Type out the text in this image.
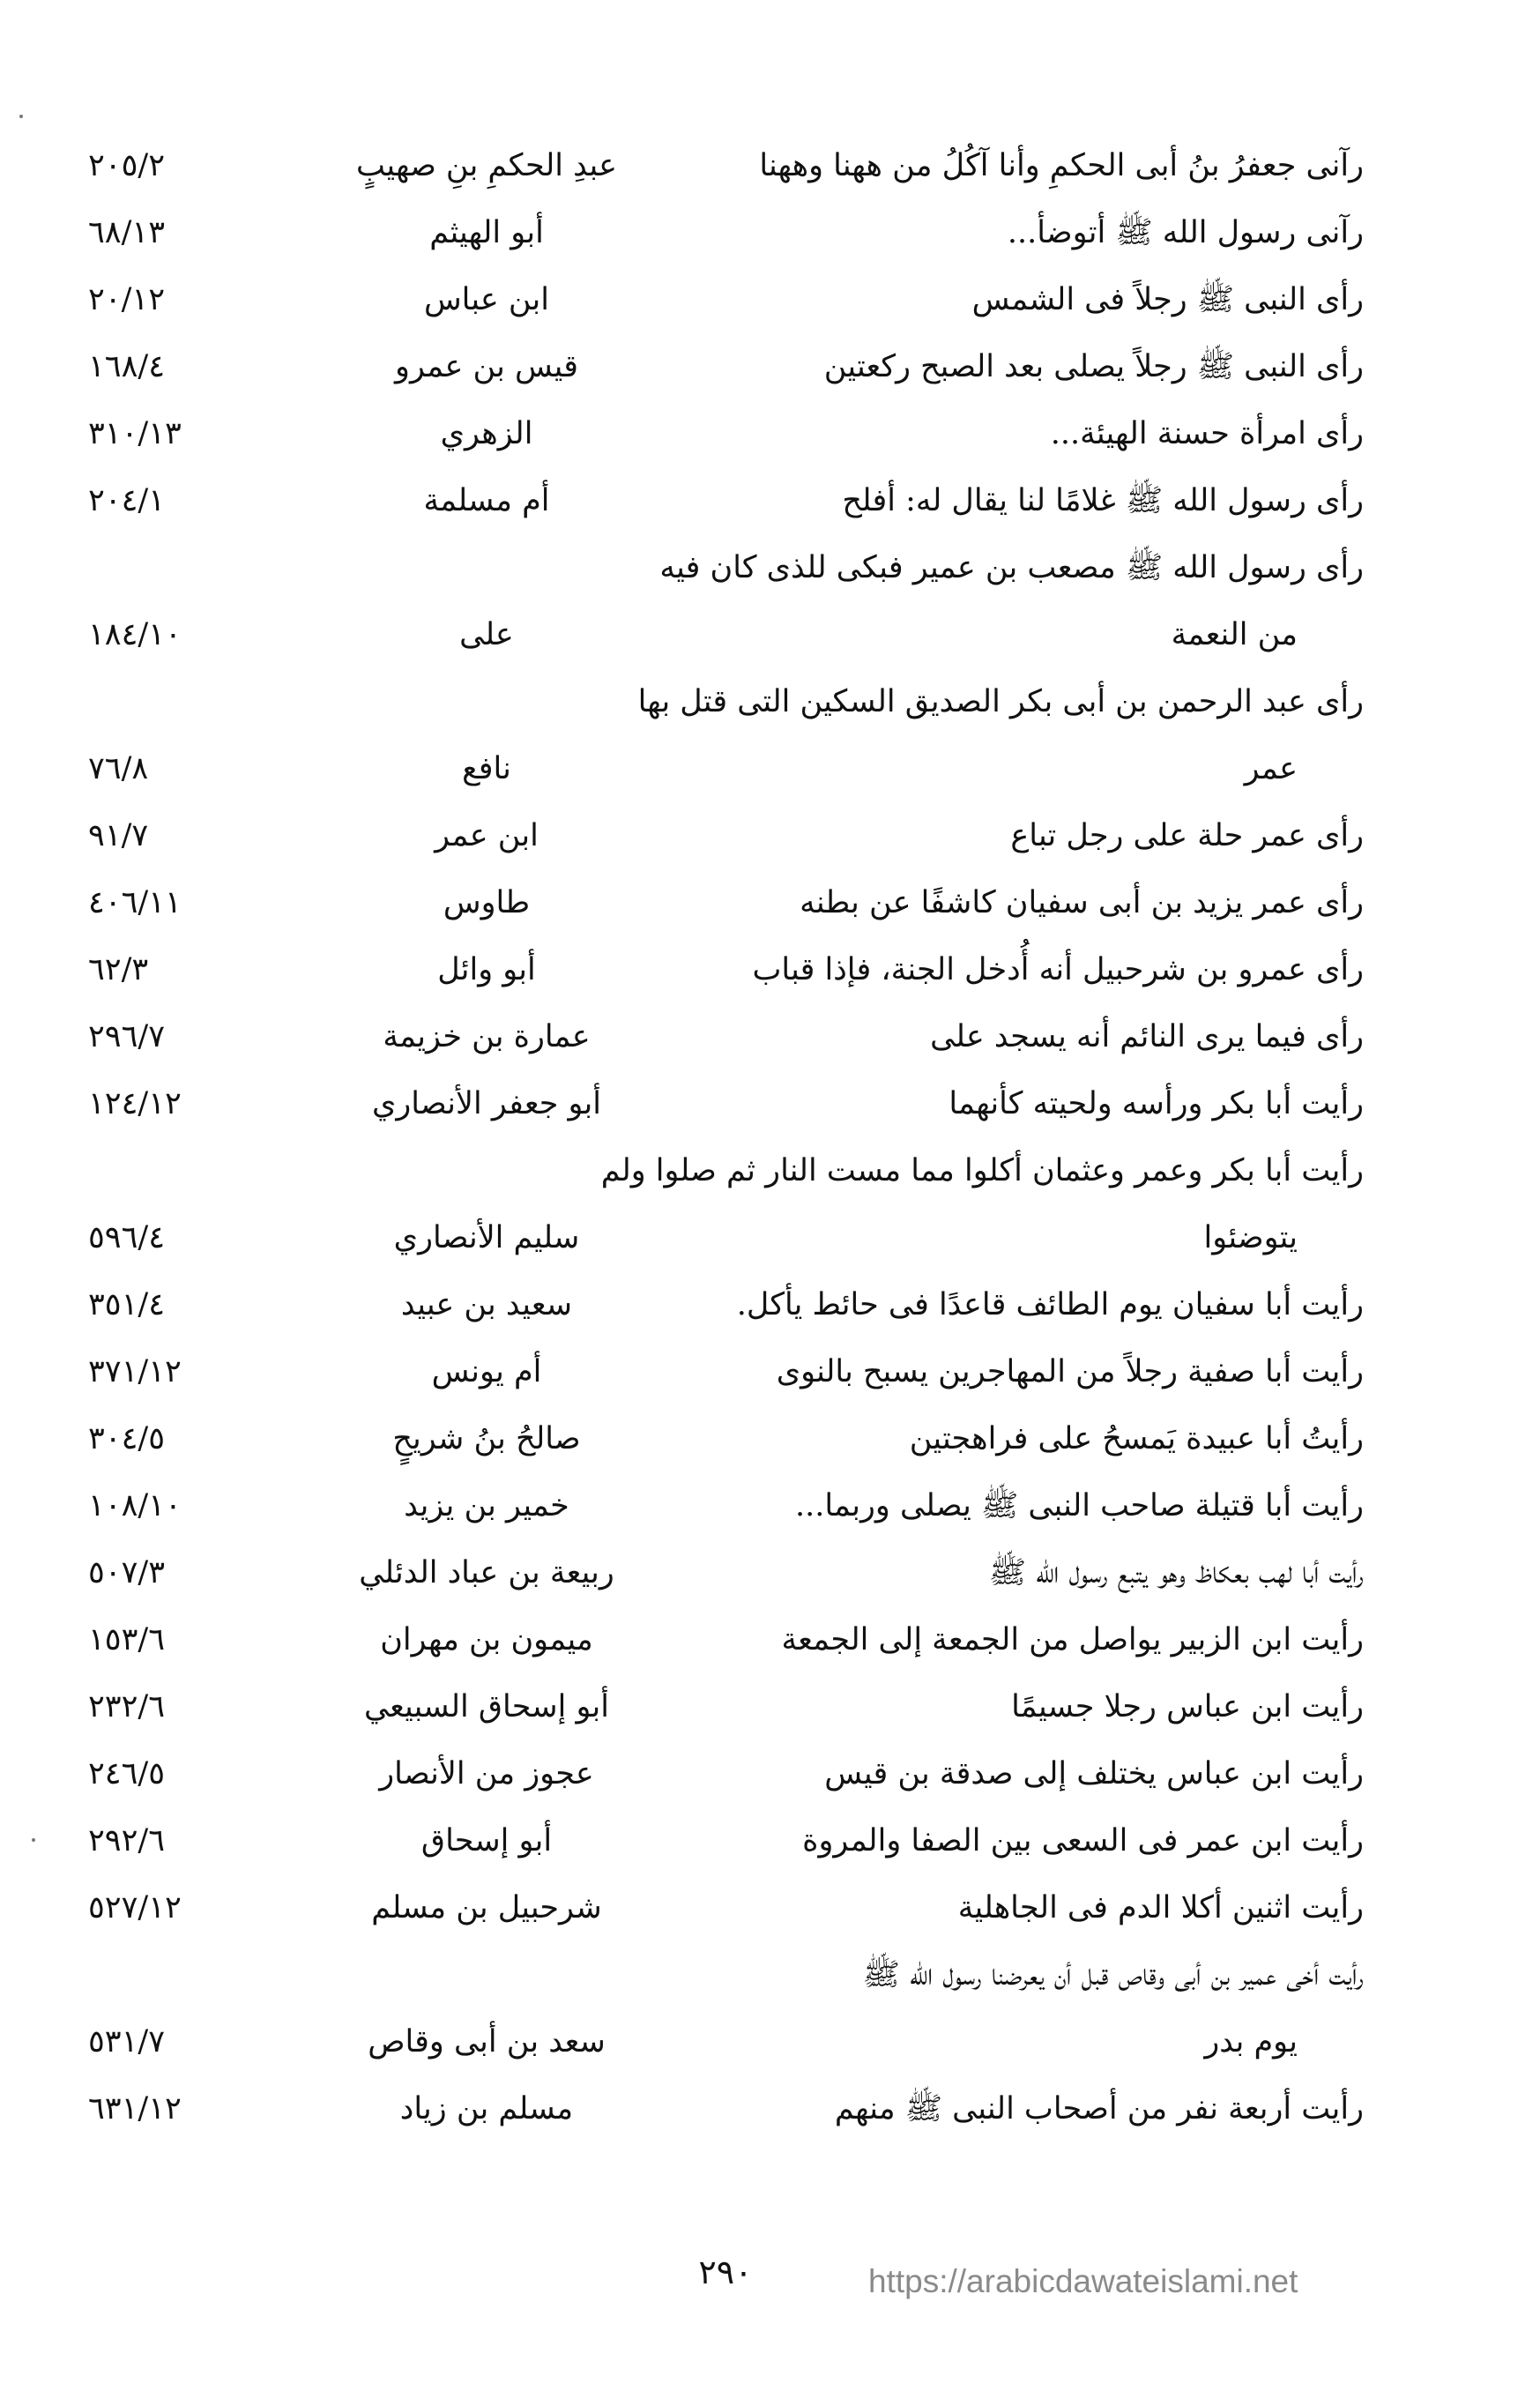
رآنى جعفرُ بنُ أبى الحكمِ وأنا آكُلُ من ههنا وههنا
عبدِ الحكمِ بنِ صهيبٍ
٢٠٥/٢
رآنى رسول الله ﷺ أتوضأ...
أبو الهيثم
٦٨/١٣
رأى النبى ﷺ رجلاً فى الشمس
ابن عباس
٢٠/١٢
رأى النبى ﷺ رجلاً يصلى بعد الصبح ركعتين
قيس بن عمرو
١٦٨/٤
رأى امرأة حسنة الهيئة...
الزهري
٣١٠/١٣
رأى رسول الله ﷺ غلامًا لنا يقال له: أفلح
أم مسلمة
٢٠٤/١
رأى رسول الله ﷺ مصعب بن عمير فبكى للذى كان فيه
من النعمة
على
١٨٤/١٠
رأى عبد الرحمن بن أبى بكر الصديق السكين التى قتل بها
عمر
نافع
٧٦/٨
رأى عمر حلة على رجل تباع
ابن عمر
٩١/٧
رأى عمر يزيد بن أبى سفيان كاشفًا عن بطنه
طاوس
٤٠٦/١١
رأى عمرو بن شرحبيل أنه أُدخل الجنة، فإذا قباب
أبو وائل
٦٢/٣
رأى فيما يرى النائم أنه يسجد على
عمارة بن خزيمة
٢٩٦/٧
رأيت أبا بكر ورأسه ولحيته كأنهما
أبو جعفر الأنصاري
١٢٤/١٢
رأيت أبا بكر وعمر وعثمان أكلوا مما مست النار ثم صلوا ولم
يتوضئوا
سليم الأنصاري
٥٩٦/٤
رأيت أبا سفيان يوم الطائف قاعدًا فى حائط يأكل.
سعيد بن عبيد
٣٥١/٤
رأيت أبا صفية رجلاً من المهاجرين يسبح بالنوى
أم يونس
٣٧١/١٢
رأيتُ أبا عبيدة يَمسحُ على فراهجتين
صالحُ بنُ شريحٍ
٣٠٤/٥
رأيت أبا قتيلة صاحب النبى ﷺ يصلى وربما...
خمير بن يزيد
١٠٨/١٠
رأيت أبا لهب بعكاظ وهو يتبع رسول الله ﷺ
ربيعة بن عباد الدئلي
٥٠٧/٣
رأيت ابن الزبير يواصل من الجمعة إلى الجمعة
ميمون بن مهران
١٥٣/٦
رأيت ابن عباس رجلا جسيمًا
أبو إسحاق السبيعي
٢٣٢/٦
رأيت ابن عباس يختلف إلى صدقة بن قيس
عجوز من الأنصار
٢٤٦/٥
رأيت ابن عمر فى السعى بين الصفا والمروة
أبو إسحاق
٢٩٢/٦
رأيت اثنين أكلا الدم فى الجاهلية
شرحبيل بن مسلم
٥٢٧/١٢
رأيت أخى عمير بن أبى وقاص قبل أن يعرضنا رسول الله ﷺ
يوم بدر
سعد بن أبى وقاص
٥٣١/٧
رأيت أربعة نفر من أصحاب النبى ﷺ منهم
مسلم بن زياد
٦٣١/١٢
٢٩٠	https://arabicdawateislami.net
